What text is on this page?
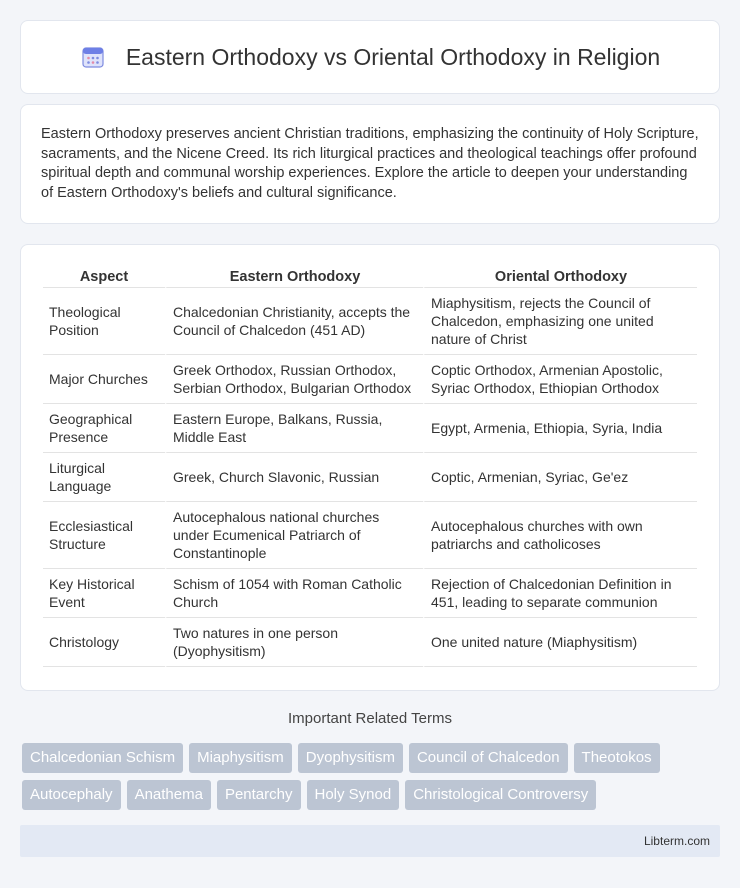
Eastern Orthodoxy vs Oriental Orthodoxy in Religion

Eastern Orthodoxy preserves ancient Christian traditions, emphasizing the continuity of Holy Scripture, sacraments, and the Nicene Creed. Its rich liturgical practices and theological teachings offer profound spiritual depth and communal worship experiences. Explore the article to deepen your understanding of Eastern Orthodoxy's beliefs and cultural significance.

Aspect	Eastern Orthodoxy	Oriental Orthodoxy
Theological Position	Chalcedonian Christianity, accepts the Council of Chalcedon (451 AD)	Miaphysitism, rejects the Council of Chalcedon, emphasizing one united nature of Christ
Major Churches	Greek Orthodox, Russian Orthodox, Serbian Orthodox, Bulgarian Orthodox	Coptic Orthodox, Armenian Apostolic, Syriac Orthodox, Ethiopian Orthodox
Geographical Presence	Eastern Europe, Balkans, Russia, Middle East	Egypt, Armenia, Ethiopia, Syria, India
Liturgical Language	Greek, Church Slavonic, Russian	Coptic, Armenian, Syriac, Ge'ez
Ecclesiastical Structure	Autocephalous national churches under Ecumenical Patriarch of Constantinople	Autocephalous churches with own patriarchs and catholicoses
Key Historical Event	Schism of 1054 with Roman Catholic Church	Rejection of Chalcedonian Definition in 451, leading to separate communion
Christology	Two natures in one person (Dyophysitism)	One united nature (Miaphysitism)
Important Related Terms
Chalcedonian Schism	Miaphysitism	Dyophysitism	Council of Chalcedon	Theotokos
Autocephaly	Anathema	Pentarchy	Holy Synod	Christological Controversy
Libterm.com
